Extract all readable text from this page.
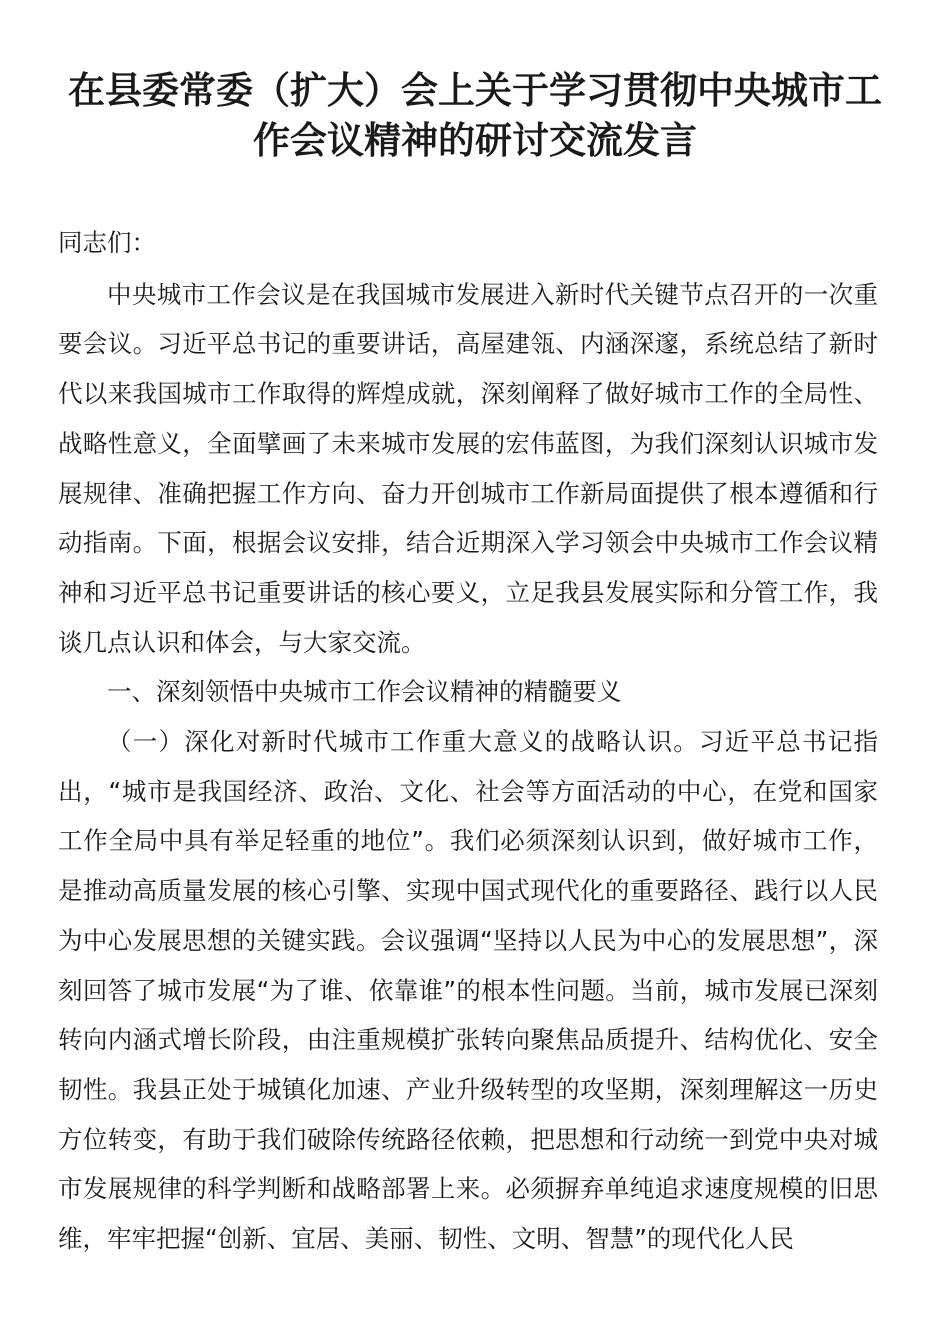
在县委常委（扩大）会上关于学习贯彻中央城市工作会议精神的研讨交流发言

同志们：

中央城市工作会议是在我国城市发展进入新时代关键节点召开的一次重要会议。习近平总书记的重要讲话，高屋建瓴、内涵深邃，系统总结了新时代以来我国城市工作取得的辉煌成就，深刻阐释了做好城市工作的全局性、战略性意义，全面擘画了未来城市发展的宏伟蓝图，为我们深刻认识城市发展规律、准确把握工作方向、奋力开创城市工作新局面提供了根本遵循和行动指南。下面，根据会议安排，结合近期深入学习领会中央城市工作会议精神和习近平总书记重要讲话的核心要义，立足我县发展实际和分管工作，我谈几点认识和体会，与大家交流。

一、深刻领悟中央城市工作会议精神的精髓要义

（一）深化对新时代城市工作重大意义的战略认识。习近平总书记指出，“城市是我国经济、政治、文化、社会等方面活动的中心，在党和国家工作全局中具有举足轻重的地位”。我们必须深刻认识到，做好城市工作，是推动高质量发展的核心引擎、实现中国式现代化的重要路径、践行以人民为中心发展思想的关键实践。会议强调“坚持以人民为中心的发展思想”，深刻回答了城市发展“为了谁、依靠谁”的根本性问题。当前，城市发展已深刻转向内涵式增长阶段，由注重规模扩张转向聚焦品质提升、结构优化、安全韧性。我县正处于城镇化加速、产业升级转型的攻坚期，深刻理解这一历史方位转变，有助于我们破除传统路径依赖，把思想和行动统一到党中央对城市发展规律的科学判断和战略部署上来。必须摒弃单纯追求速度规模的旧思维，牢牢把握“创新、宜居、美丽、韧性、文明、智慧”的现代化人民
